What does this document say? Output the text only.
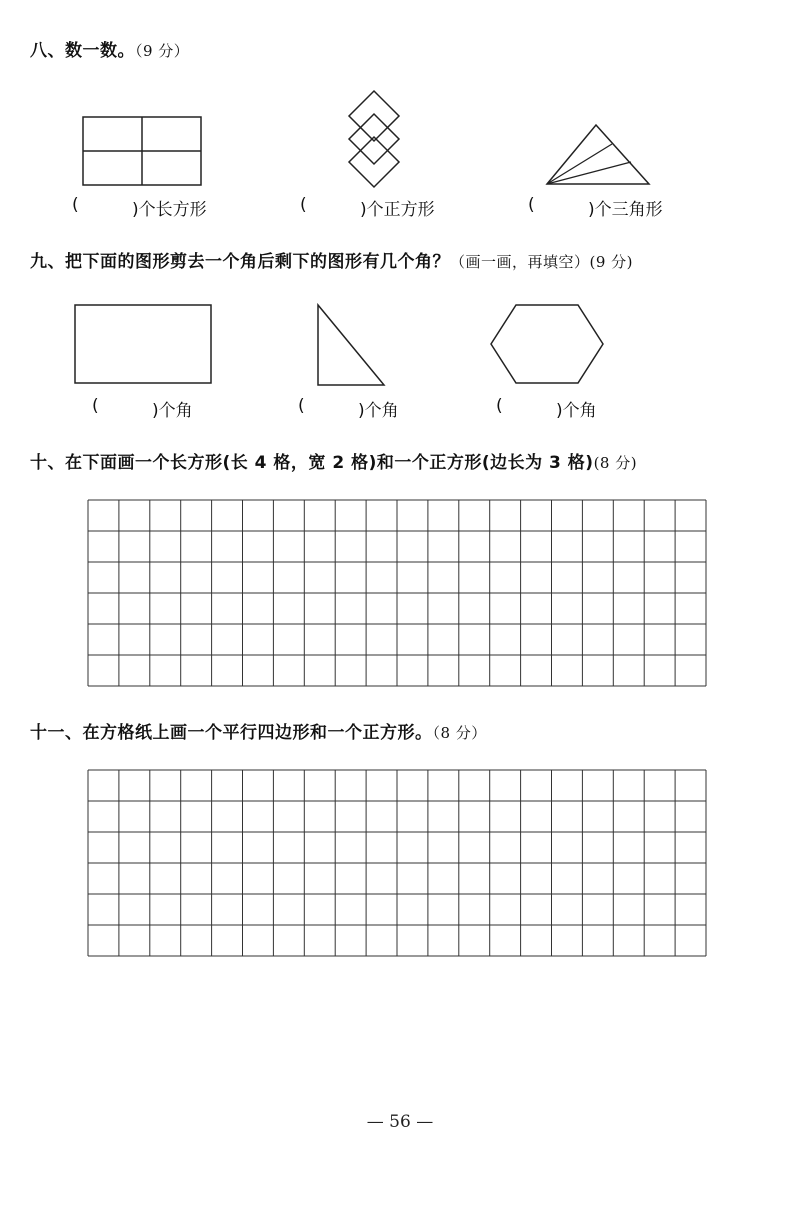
八、数一数。（9 分）
(	)个长方形	(	)个正方形	(	)个三角形
九、把下面的图形剪去一个角后剩下的图形有几个角？（画一画，再填空）(9 分)
(	)个角	(	)个角	(	)个角
十、在下面画一个长方形(长 4 格，宽 2 格)和一个正方形(边长为 3 格)(8 分)
十一、在方格纸上画一个平行四边形和一个正方形。（8 分）
— 56 —
